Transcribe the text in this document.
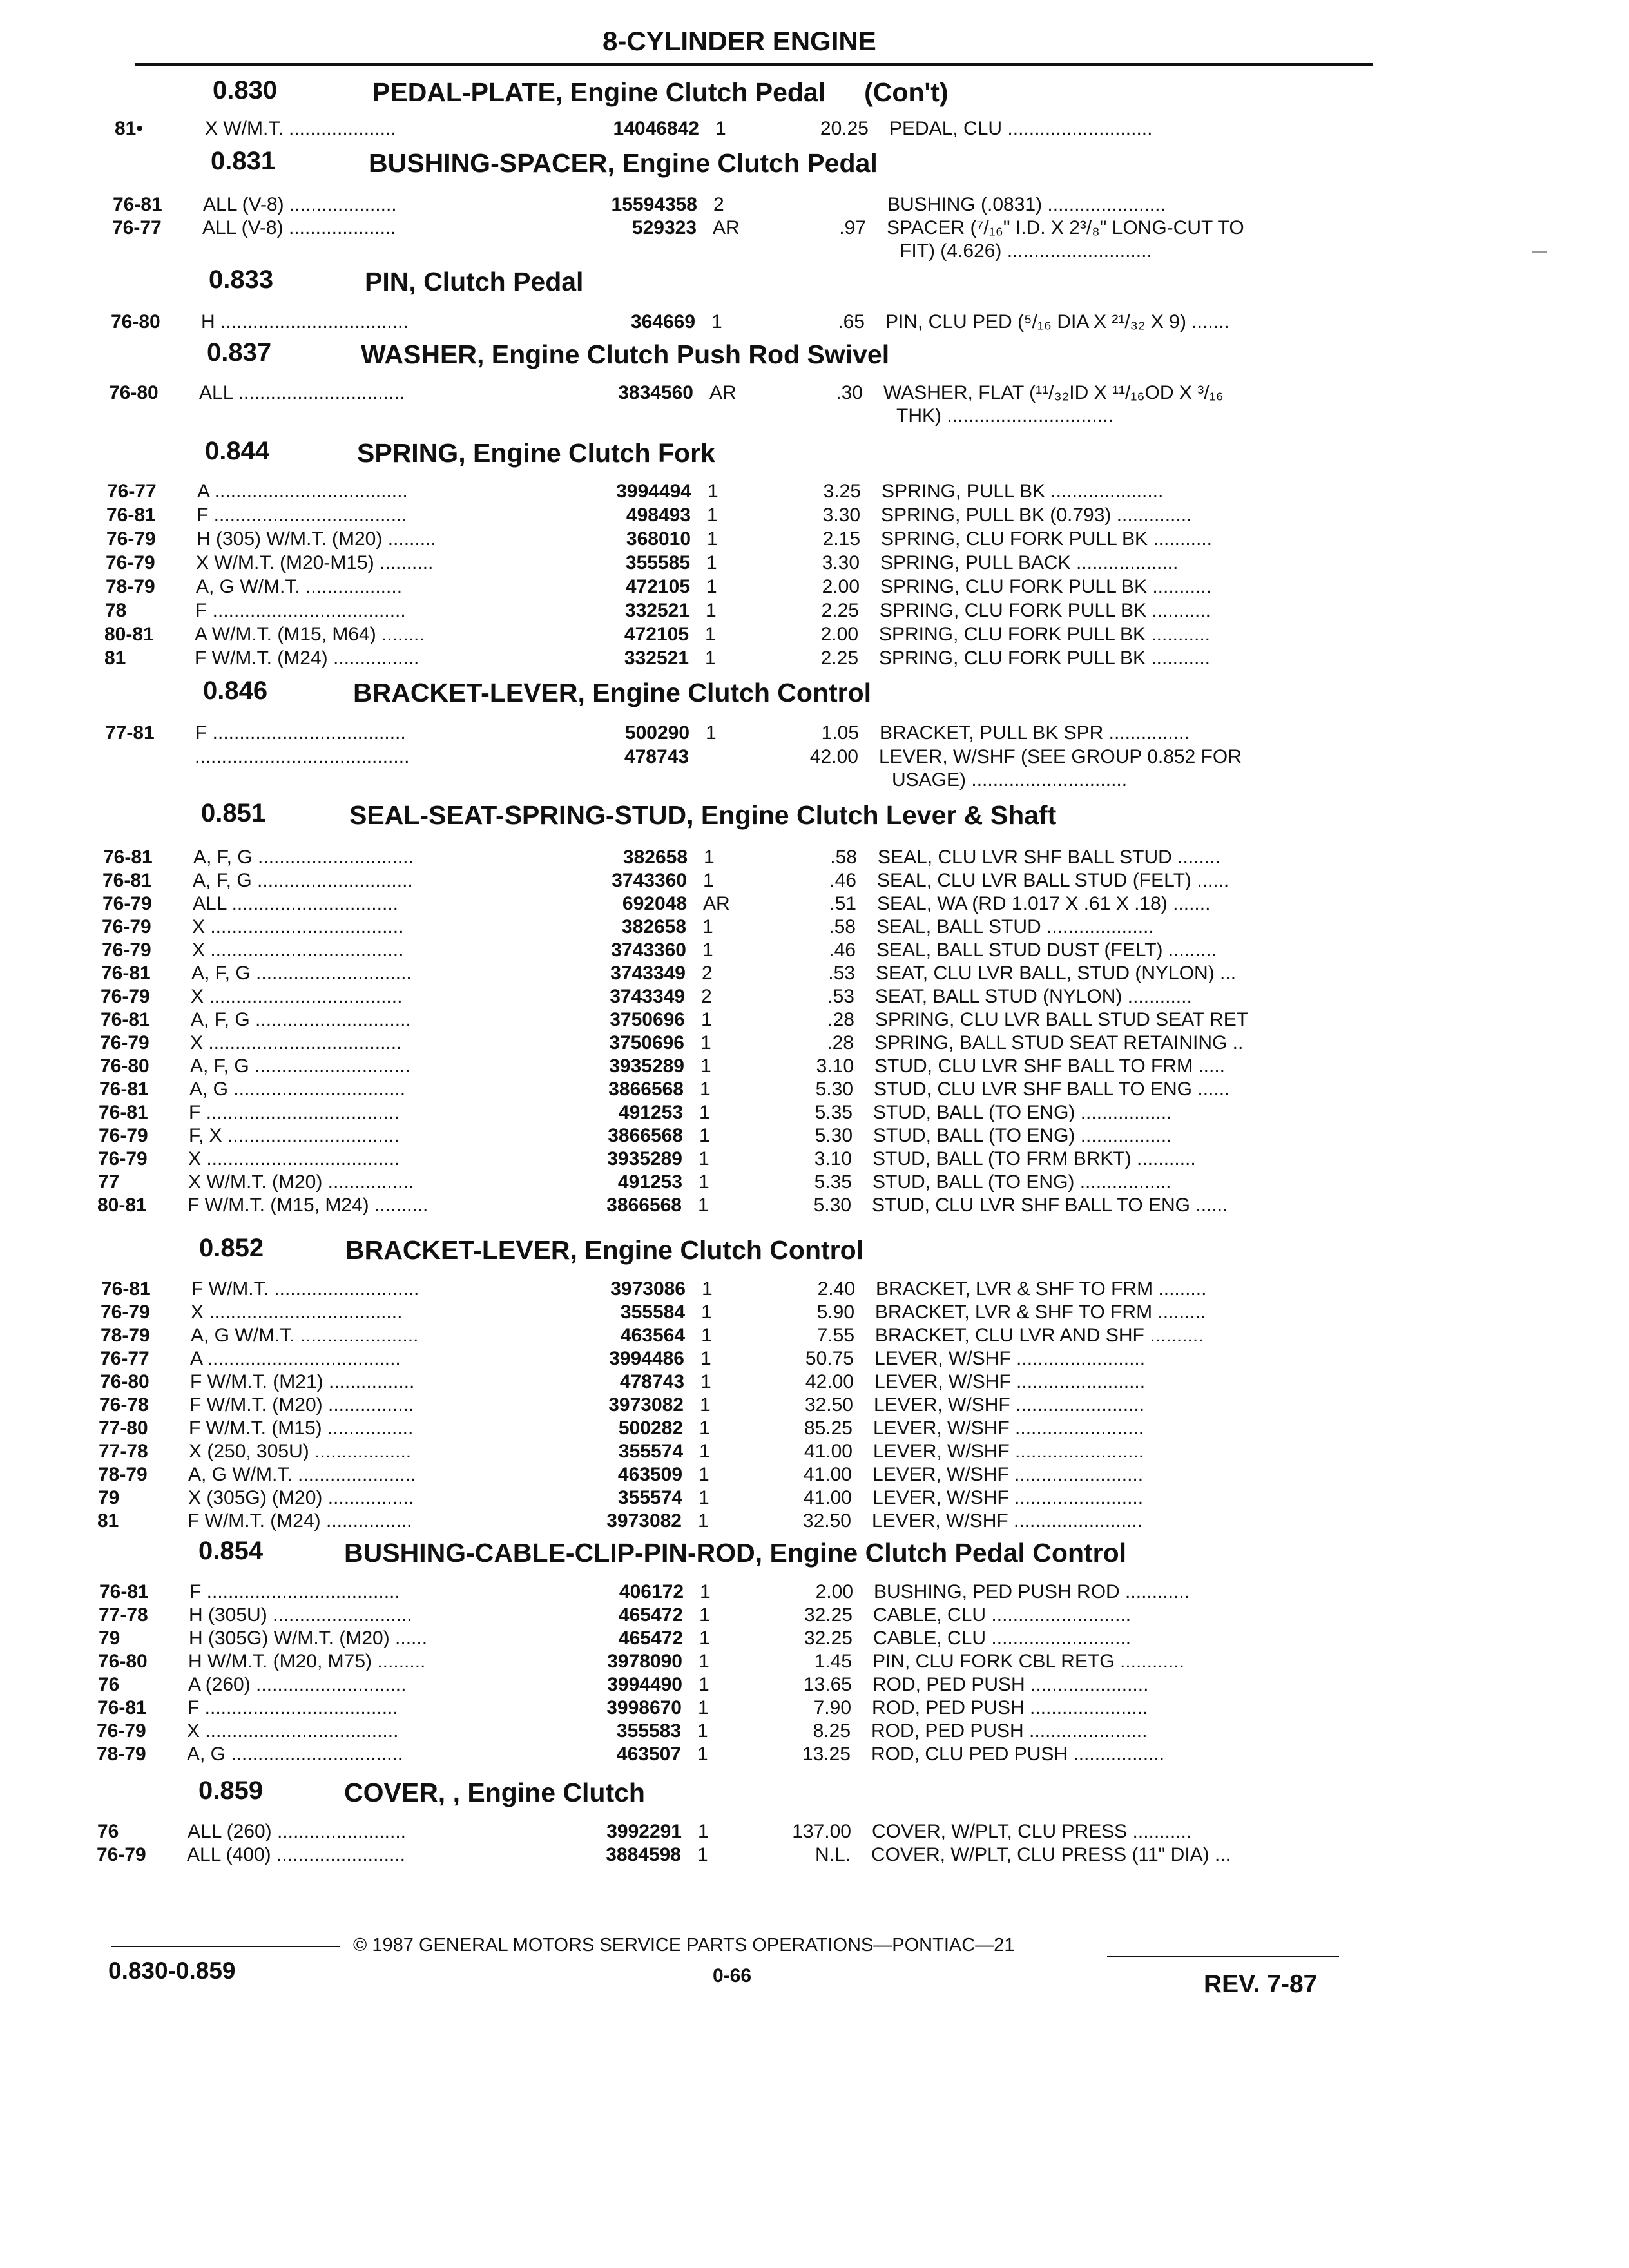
8-CYLINDER ENGINE
0.830	PEDAL-PLATE, Engine Clutch Pedal (Con't)
81•	X W/M.T. ....................	14046842 1	20.25 PEDAL, CLU ...........................
0.831	BUSHING-SPACER, Engine Clutch Pedal
76-81	ALL (V-8) ....................	15594358 2	BUSHING (.0831) ......................
76-77	ALL (V-8) ....................	529323 AR	.97 SPACER (⁷/₁₆" I.D. X 2³/₈" LONG-CUT TO
FIT) (4.626) ...........................
0.833	PIN, Clutch Pedal
76-80	H ...................................	364669 1	.65 PIN, CLU PED (⁵/₁₆ DIA X ²¹/₃₂ X 9) .......
0.837	WASHER, Engine Clutch Push Rod Swivel
76-80	ALL ...............................	3834560 AR	.30 WASHER, FLAT (¹¹/₃₂ID X ¹¹/₁₆OD X ³/₁₆
THK) ...............................
0.844	SPRING, Engine Clutch Fork
76-77	A ....................................	3994494 1	3.25 SPRING, PULL BK .....................
76-81	F ....................................	498493 1	3.30 SPRING, PULL BK (0.793) ..............
76-79	H (305) W/M.T. (M20) .........	368010 1	2.15 SPRING, CLU FORK PULL BK ...........
76-79	X W/M.T. (M20-M15) ..........	355585 1	3.30 SPRING, PULL BACK ...................
78-79	A, G W/M.T. ..................	472105 1	2.00 SPRING, CLU FORK PULL BK ...........
78	F ....................................	332521 1	2.25 SPRING, CLU FORK PULL BK ...........
80-81	A W/M.T. (M15, M64) ........	472105 1	2.00 SPRING, CLU FORK PULL BK ...........
81	F W/M.T. (M24) ................	332521 1	2.25 SPRING, CLU FORK PULL BK ...........
0.846	BRACKET-LEVER, Engine Clutch Control
77-81	F ....................................	500290 1	1.05 BRACKET, PULL BK SPR ...............
........................................	478743	42.00 LEVER, W/SHF (SEE GROUP 0.852 FOR
USAGE) .............................
0.851	SEAL-SEAT-SPRING-STUD, Engine Clutch Lever & Shaft
76-81	A, F, G .............................	382658 1	.58 SEAL, CLU LVR SHF BALL STUD ........
76-81	A, F, G .............................	3743360 1	.46 SEAL, CLU LVR BALL STUD (FELT) ......
76-79	ALL ...............................	692048 AR	.51 SEAL, WA (RD 1.017 X .61 X .18) .......
76-79	X ....................................	382658 1	.58 SEAL, BALL STUD ....................
76-79	X ....................................	3743360 1	.46 SEAL, BALL STUD DUST (FELT) .........
76-81	A, F, G .............................	3743349 2	.53 SEAT, CLU LVR BALL, STUD (NYLON) ...
76-79	X ....................................	3743349 2	.53 SEAT, BALL STUD (NYLON) ............
76-81	A, F, G .............................	3750696 1	.28 SPRING, CLU LVR BALL STUD SEAT RET
76-79	X ....................................	3750696 1	.28 SPRING, BALL STUD SEAT RETAINING ..
76-80	A, F, G .............................	3935289 1	3.10 STUD, CLU LVR SHF BALL TO FRM .....
76-81	A, G ................................	3866568 1	5.30 STUD, CLU LVR SHF BALL TO ENG ......
76-81	F ....................................	491253 1	5.35 STUD, BALL (TO ENG) .................
76-79	F, X ................................	3866568 1	5.30 STUD, BALL (TO ENG) .................
76-79	X ....................................	3935289 1	3.10 STUD, BALL (TO FRM BRKT) ...........
77	X W/M.T. (M20) ................	491253 1	5.35 STUD, BALL (TO ENG) .................
80-81	F W/M.T. (M15, M24) ..........	3866568 1	5.30 STUD, CLU LVR SHF BALL TO ENG ......
0.852	BRACKET-LEVER, Engine Clutch Control
76-81	F W/M.T. ...........................	3973086 1	2.40 BRACKET, LVR & SHF TO FRM .........
76-79	X ....................................	355584 1	5.90 BRACKET, LVR & SHF TO FRM .........
78-79	A, G W/M.T. ......................	463564 1	7.55 BRACKET, CLU LVR AND SHF ..........
76-77	A ....................................	3994486 1	50.75 LEVER, W/SHF ........................
76-80	F W/M.T. (M21) ................	478743 1	42.00 LEVER, W/SHF ........................
76-78	F W/M.T. (M20) ................	3973082 1	32.50 LEVER, W/SHF ........................
77-80	F W/M.T. (M15) ................	500282 1	85.25 LEVER, W/SHF ........................
77-78	X (250, 305U) ..................	355574 1	41.00 LEVER, W/SHF ........................
78-79	A, G W/M.T. ......................	463509 1	41.00 LEVER, W/SHF ........................
79	X (305G) (M20) ................	355574 1	41.00 LEVER, W/SHF ........................
81	F W/M.T. (M24) ................	3973082 1	32.50 LEVER, W/SHF ........................
0.854	BUSHING-CABLE-CLIP-PIN-ROD, Engine Clutch Pedal Control
76-81	F ....................................	406172 1	2.00 BUSHING, PED PUSH ROD ............
77-78	H (305U) ..........................	465472 1	32.25 CABLE, CLU ..........................
79	H (305G) W/M.T. (M20) ......	465472 1	32.25 CABLE, CLU ..........................
76-80	H W/M.T. (M20, M75) .........	3978090 1	1.45 PIN, CLU FORK CBL RETG ............
76	A (260) ............................	3994490 1	13.65 ROD, PED PUSH ......................
76-81	F ....................................	3998670 1	7.90 ROD, PED PUSH ......................
76-79	X ....................................	355583 1	8.25 ROD, PED PUSH ......................
78-79	A, G ................................	463507 1	13.25 ROD, CLU PED PUSH .................
0.859	COVER, , Engine Clutch
76	ALL (260) ........................	3992291 1	137.00 COVER, W/PLT, CLU PRESS ...........
76-79	ALL (400) ........................	3884598 1	N.L. COVER, W/PLT, CLU PRESS (11" DIA) ...
© 1987 GENERAL MOTORS SERVICE PARTS OPERATIONS—PONTIAC—21
0.830-0.859	0-66	REV. 7-87
